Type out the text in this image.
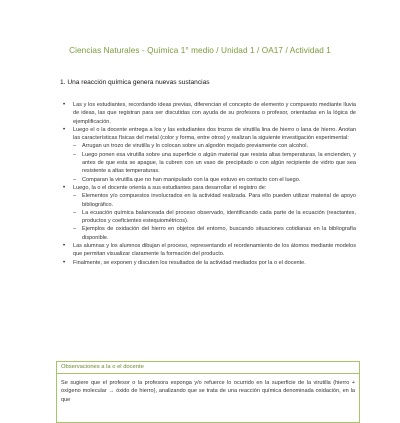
Ciencias Naturales - Química 1° medio / Unidad 1 / OA17 / Actividad 1
1. Una reacción química genera nuevas sustancias
• Las y los estudiantes, recordando ideas previas, diferencian el concepto de elemento y compuesto mediante lluvia de ideas, las que registran para ser discutidas con ayuda de su profesora o profesor, orientadas en la lógica de ejemplificación.
• Luego el o la docente entrega a los y las estudiantes dos trozos de virutilla lina de hierro o lana de hierro. Anotan las características físicas del metal (color y forma, entre otros) y realizan la siguiente investigación experimental:
– Arrugan un trozo de virutilla y lo colocan sobre un algodón mojado previamente con alcohol.
– Luego ponen esa virutilla sobre una superficie o algún material que resista altas temperaturas, la encienden, y antes de que esta se apague, la cubren con un vaso de precipitado o con algún recipiente de vidrio que sea resistente a altas temperaturas.
– Comparan la virutilla que no han manipulado con la que estuvo en contacto con el luego.
• Luego, la o el docente orienta a sus estudiantes para desarrollar el registro de:
– Elementos y/o compuestos involucrados en la actividad realizada. Para ello pueden utilizar material de apoyo bibliográfico.
– La ecuación química balanceada del proceso observado, identificando cada parte de la ecuación (reactantes, productos y coeficientes estequiométricos).
– Ejemplos de oxidación del hierro en objetos del entorno, buscando situaciones cotidianas en la bibliografía disponible.
• Las alumnas y los alumnos dibujan el proceso, representando el reordenamiento de los átomos mediante modelos que permitan visualizar claramente la formación del producto.
• Finalmente, se exponen y discuten los resultados de la actividad mediados por la o el docente.
Observaciones a la o el docente
Se sugiere que el profesor o la profesora exponga y/o refuerce lo ocurrido en la superficie de la virutilla (hierro + oxígeno molecular → óxido de hierro), analizando que se trata de una reacción química denominada oxidación, en la que
